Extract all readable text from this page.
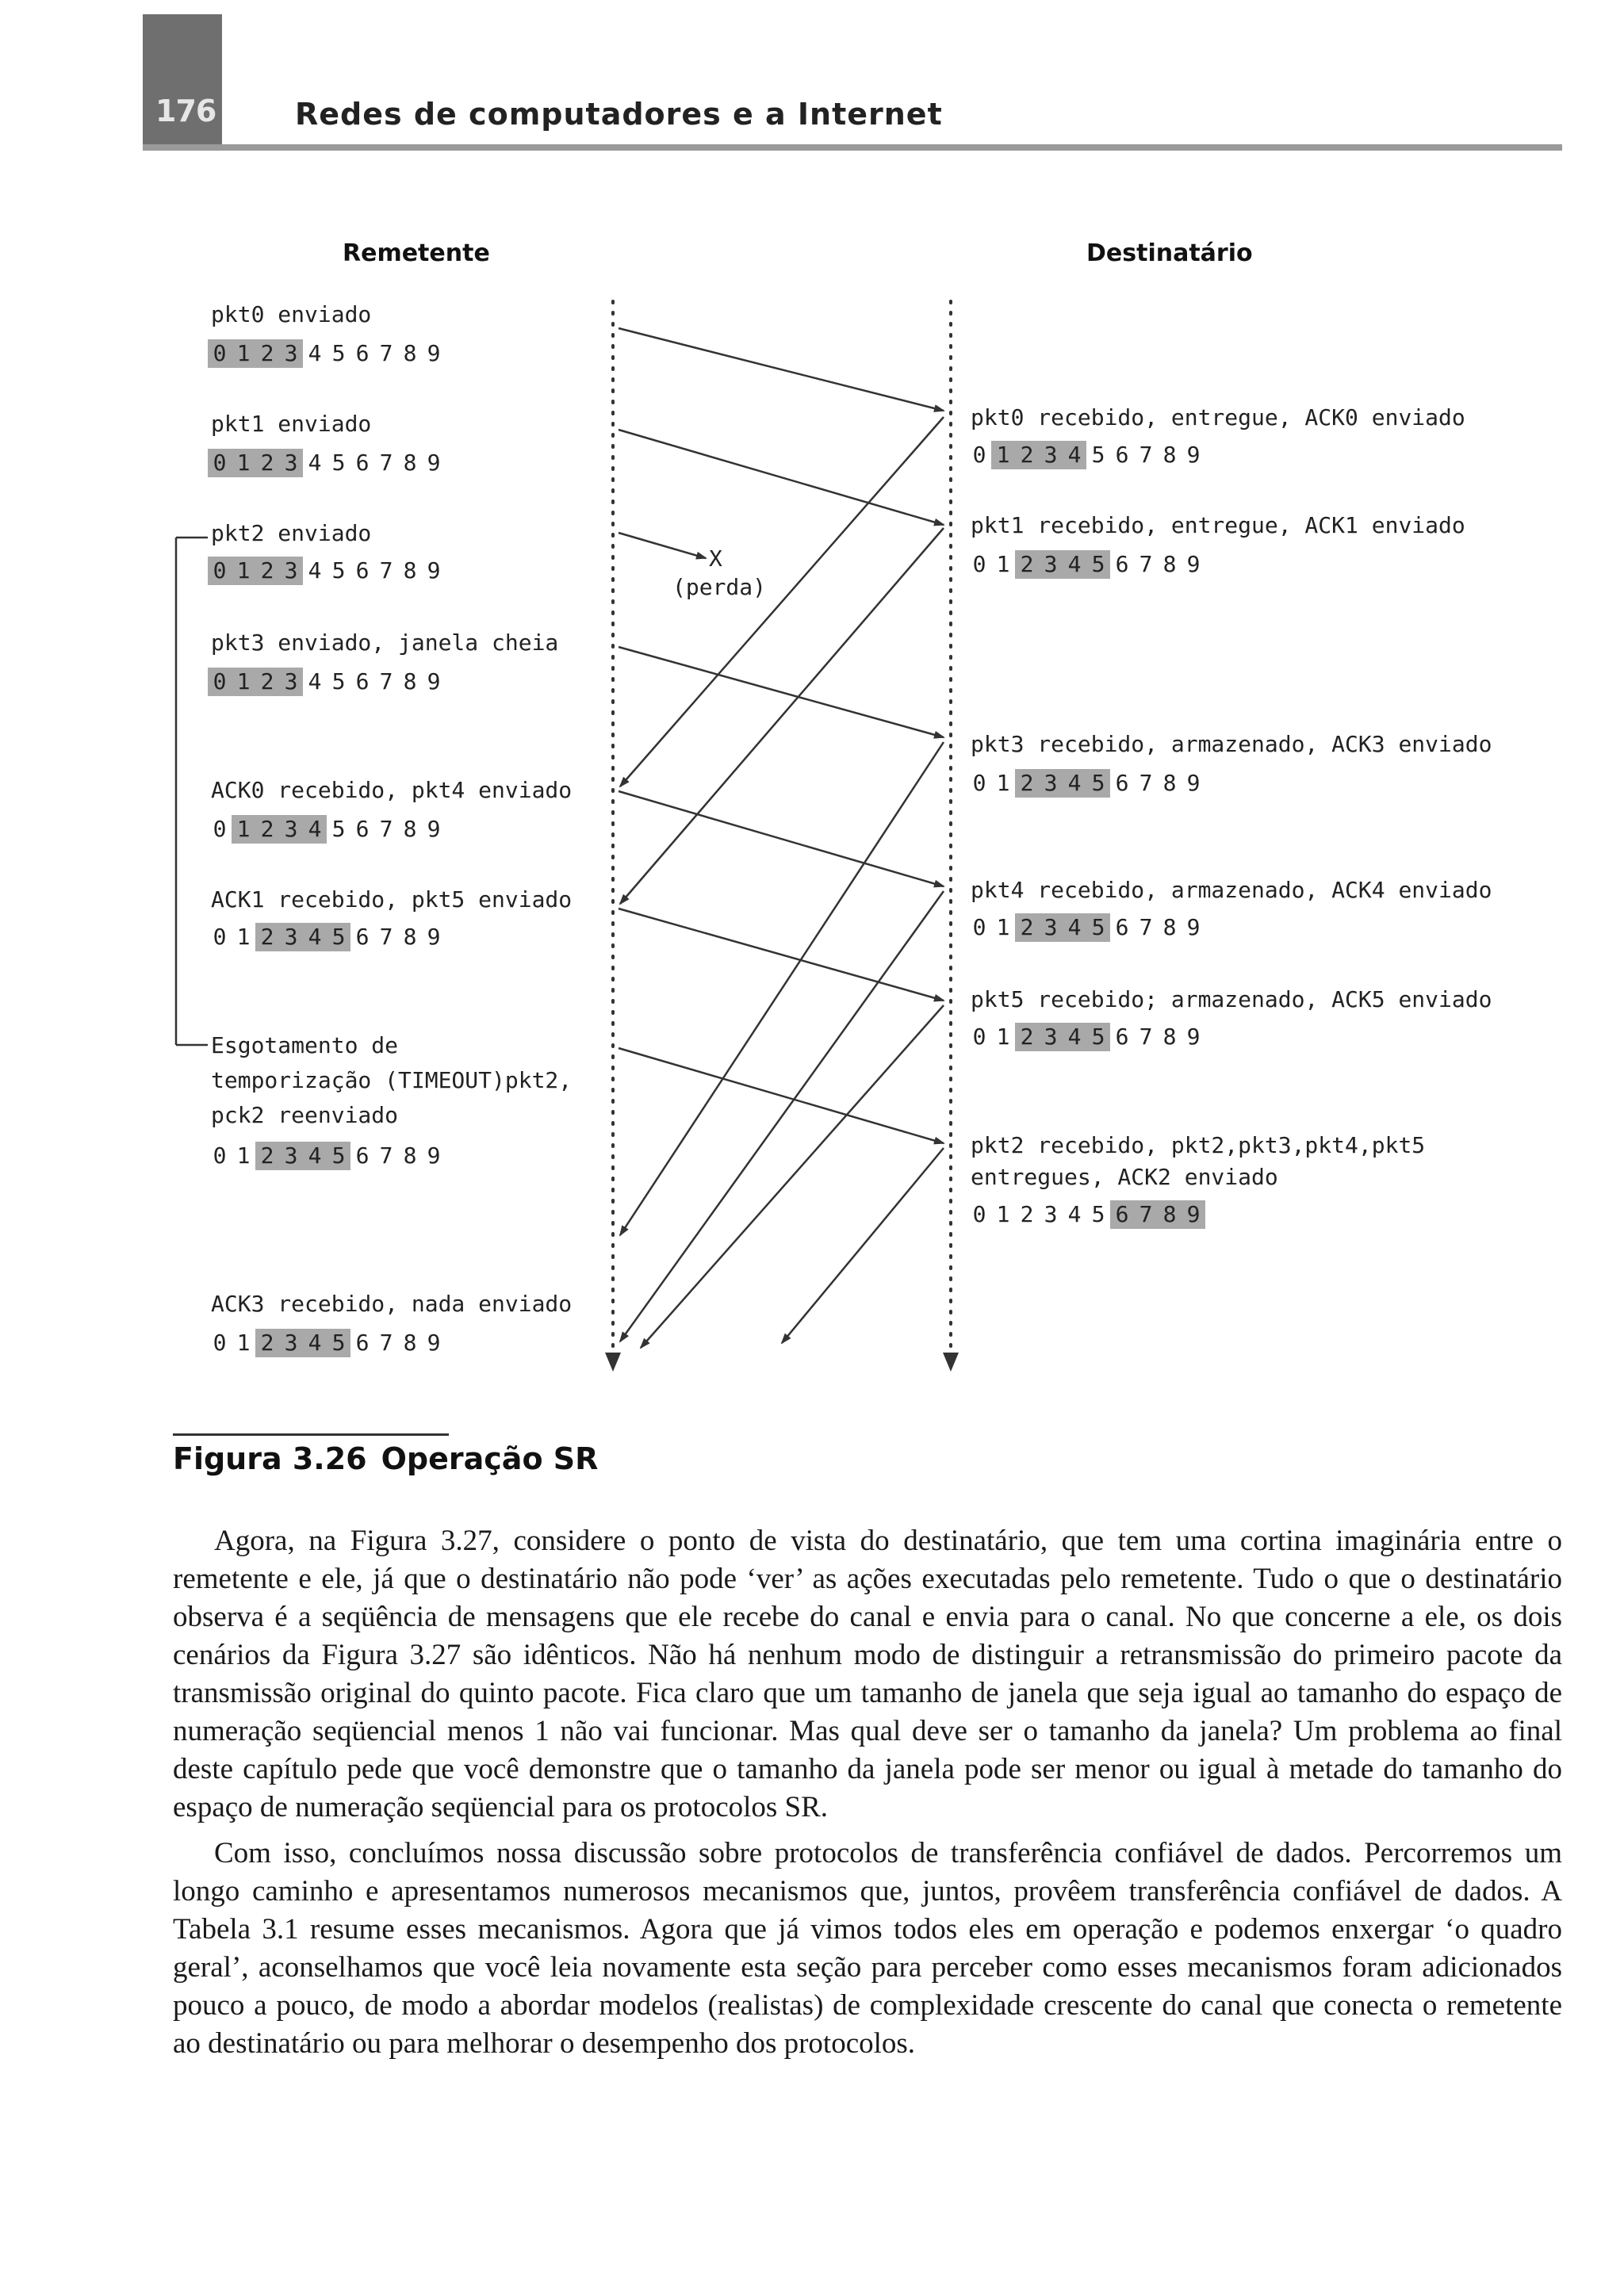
176	Redes de computadores e a Internet
Remetente	Destinatário
X
(perda)
pkt0 enviado
0 1 2 3 4 5 6 7 8 9
pkt1 enviado
0 1 2 3 4 5 6 7 8 9
pkt2 enviado
0 1 2 3 4 5 6 7 8 9
pkt3 enviado, janela cheia
0 1 2 3 4 5 6 7 8 9
ACK0 recebido, pkt4 enviado
0 1 2 3 4 5 6 7 8 9
ACK1 recebido, pkt5 enviado
0 1 2 3 4 5 6 7 8 9
Esgotamento de
temporização (TIMEOUT)pkt2,
pck2 reenviado
0 1 2 3 4 5 6 7 8 9
ACK3 recebido, nada enviado
0 1 2 3 4 5 6 7 8 9
pkt0 recebido, entregue, ACK0 enviado
0 1 2 3 4 5 6 7 8 9
pkt1 recebido, entregue, ACK1 enviado
0 1 2 3 4 5 6 7 8 9
pkt3 recebido, armazenado, ACK3 enviado
0 1 2 3 4 5 6 7 8 9
pkt4 recebido, armazenado, ACK4 enviado
0 1 2 3 4 5 6 7 8 9
pkt5 recebido; armazenado, ACK5 enviado
0 1 2 3 4 5 6 7 8 9
pkt2 recebido, pkt2,pkt3,pkt4,pkt5
entregues, ACK2 enviado
0 1 2 3 4 5 6 7 8 9
Figura 3.26 Operação SR

Agora, na Figura 3.27, considere o ponto de vista do destinatário, que tem uma cortina imaginária entre o remetente e ele, já que o destinatário não pode ‘ver’ as ações executadas pelo remetente. Tudo o que o destinatário observa é a seqüência de mensagens que ele recebe do canal e envia para o canal. No que concerne a ele, os dois cenários da Figura 3.27 são idênticos. Não há nenhum modo de distinguir a retransmissão do primeiro pacote da transmissão original do quinto pacote. Fica claro que um tamanho de janela que seja igual ao tamanho do espaço de numeração seqüencial menos 1 não vai funcionar. Mas qual deve ser o tamanho da janela? Um problema ao final deste capítulo pede que você demonstre que o tamanho da janela pode ser menor ou igual à metade do tamanho do espaço de numeração seqüencial para os protocolos SR.

Com isso, concluímos nossa discussão sobre protocolos de transferência confiável de dados. Percorremos um longo caminho e apresentamos numerosos mecanismos que, juntos, provêem transferência confiável de dados. A Tabela 3.1 resume esses mecanismos. Agora que já vimos todos eles em operação e podemos enxergar ‘o quadro geral’, aconselhamos que você leia novamente esta seção para perceber como esses mecanismos foram adicionados pouco a pouco, de modo a abordar modelos (realistas) de complexidade crescente do canal que conecta o remetente ao destinatário ou para melhorar o desempenho dos protocolos.
